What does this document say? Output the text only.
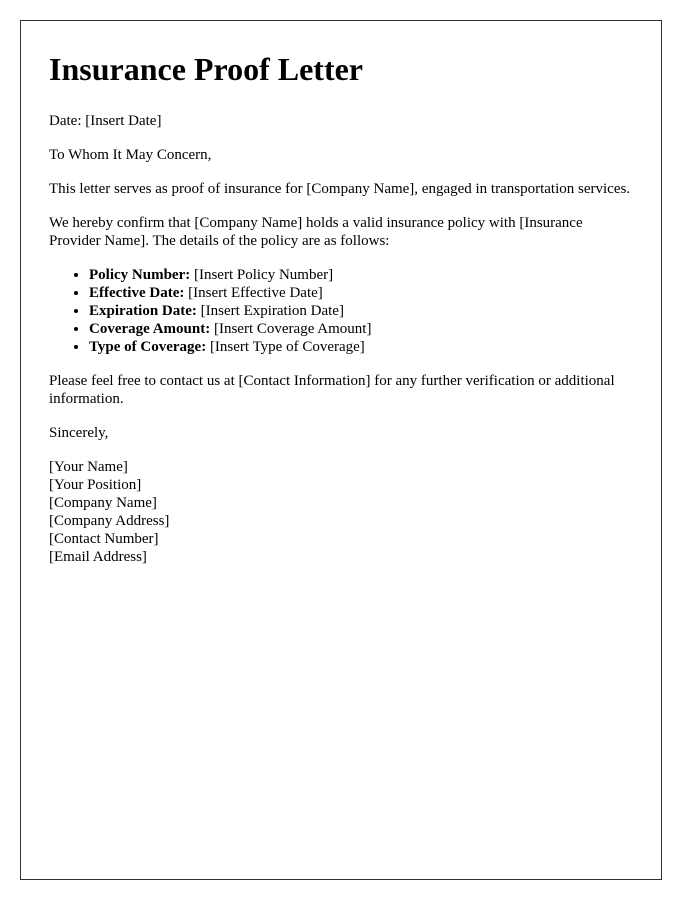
Insurance Proof Letter

Date: [Insert Date]

To Whom It May Concern,

This letter serves as proof of insurance for [Company Name], engaged in transportation services.

We hereby confirm that [Company Name] holds a valid insurance policy with [Insurance Provider Name]. The details of the policy are as follows:

• Policy Number: [Insert Policy Number]
• Effective Date: [Insert Effective Date]
• Expiration Date: [Insert Expiration Date]
• Coverage Amount: [Insert Coverage Amount]
• Type of Coverage: [Insert Type of Coverage]

Please feel free to contact us at [Contact Information] for any further verification or additional information.

Sincerely,

[Your Name]
[Your Position]
[Company Name]
[Company Address]
[Contact Number]
[Email Address]
